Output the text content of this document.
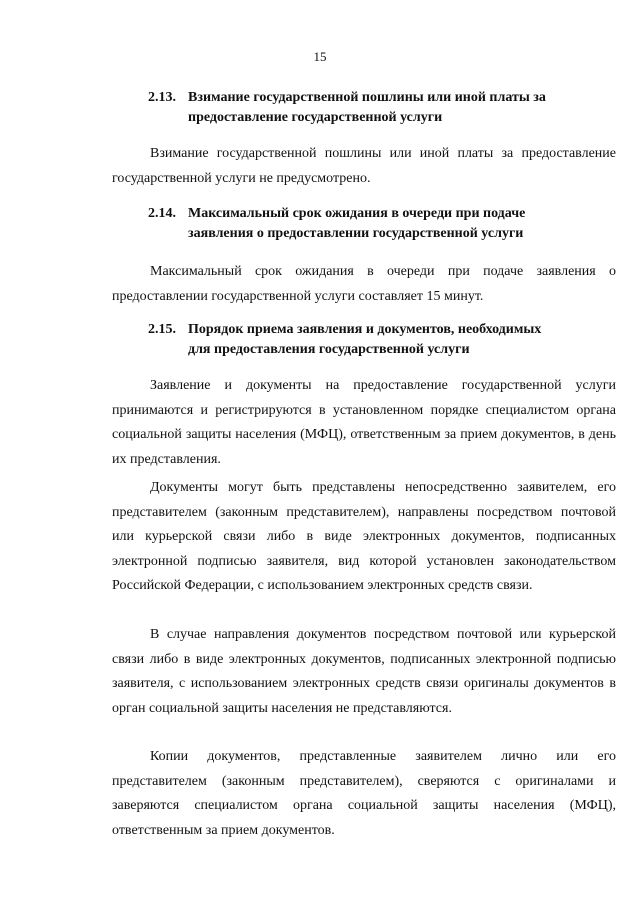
15
2.13. Взимание государственной пошлины или иной платы за
предоставление государственной услуги

Взимание государственной пошлины или иной платы за предоставление государственной услуги не предусмотрено.

2.14. Максимальный срок ожидания в очереди при подаче
заявления о предоставлении государственной услуги

Максимальный срок ожидания в очереди при подаче заявления о предоставлении государственной услуги составляет 15 минут.

2.15. Порядок приема заявления и документов, необходимых
для предоставления государственной услуги

Заявление и документы на предоставление государственной услуги принимаются и регистрируются в установленном порядке специалистом органа социальной защиты населения (МФЦ), ответственным за прием документов, в день их представления.

Документы могут быть представлены непосредственно заявителем, его представителем (законным представителем), направлены посредством почтовой или курьерской связи либо в виде электронных документов, подписанных электронной подписью заявителя, вид которой установлен законодательством Российской Федерации, с использованием электронных средств связи.

В случае направления документов посредством почтовой или курьерской связи либо в виде электронных документов, подписанных электронной подписью заявителя, с использованием электронных средств связи оригиналы документов в орган социальной защиты населения не представляются.

Копии документов, представленные заявителем лично или его представителем (законным представителем), сверяются с оригиналами и заверяются специалистом органа социальной защиты населения (МФЦ), ответственным за прием документов.
